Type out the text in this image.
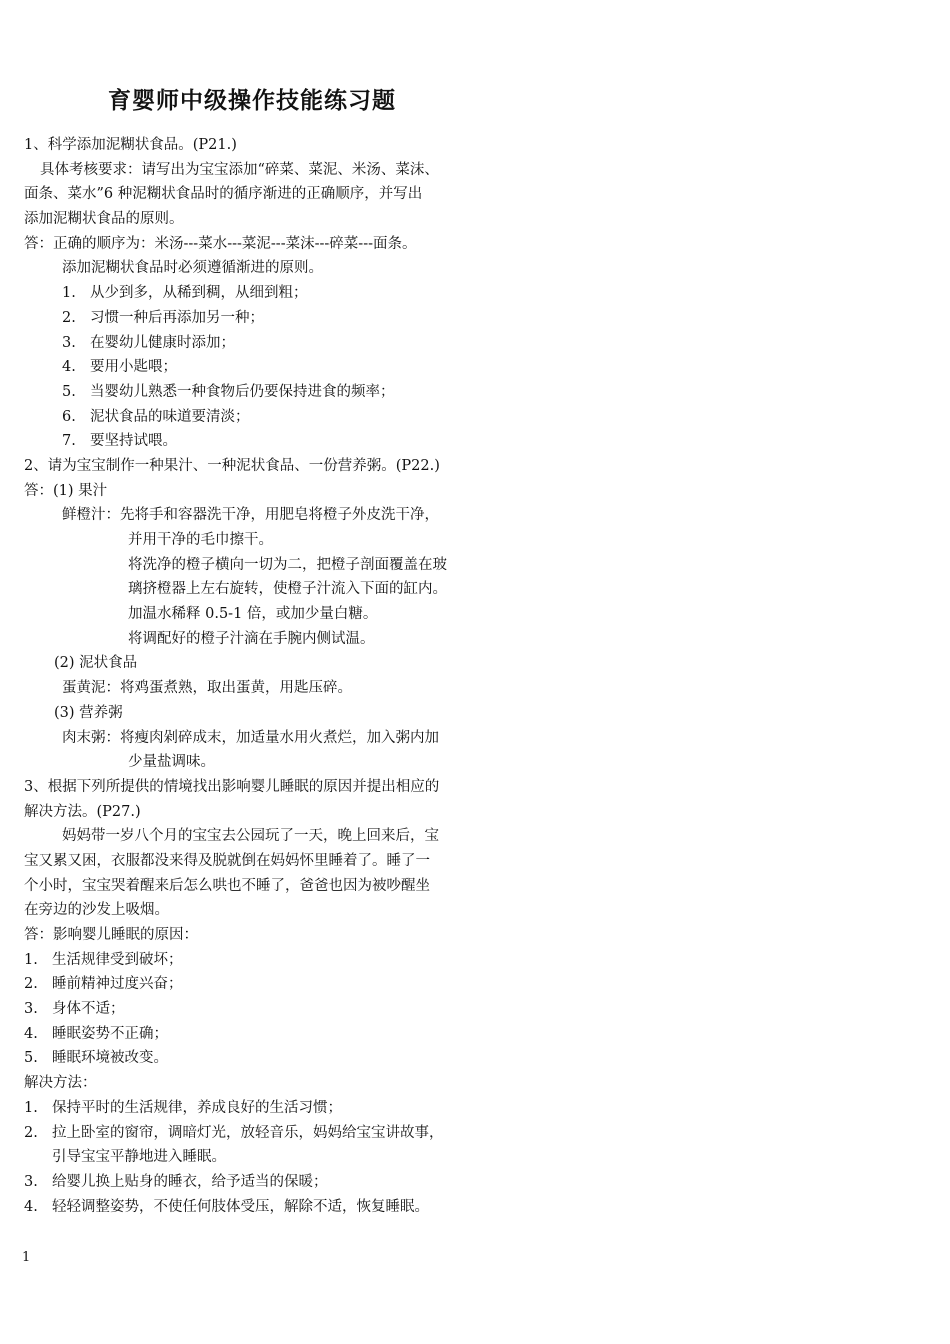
育婴师中级操作技能练习题
1、科学添加泥糊状食品。(P21.)
具体考核要求：请写出为宝宝添加“碎菜、菜泥、米汤、菜沫、
面条、菜水”6 种泥糊状食品时的循序渐进的正确顺序，并写出
添加泥糊状食品的原则。
答：正确的顺序为：米汤---菜水---菜泥---菜沫---碎菜---面条。
添加泥糊状食品时必须遵循渐进的原则。
1. 从少到多，从稀到稠，从细到粗；
2. 习惯一种后再添加另一种；
3. 在婴幼儿健康时添加；
4. 要用小匙喂；
5. 当婴幼儿熟悉一种食物后仍要保持进食的频率；
6. 泥状食品的味道要清淡；
7. 要坚持试喂。
2、请为宝宝制作一种果汁、一种泥状食品、一份营养粥。(P22.)
答：(1) 果汁
鲜橙汁：先将手和容器洗干净，用肥皂将橙子外皮洗干净，
并用干净的毛巾擦干。
将洗净的橙子横向一切为二，把橙子剖面覆盖在玻
璃挤橙器上左右旋转，使橙子汁流入下面的缸内。
加温水稀释 0.5-1 倍，或加少量白糖。
将调配好的橙子汁滴在手腕内侧试温。
(2) 泥状食品
蛋黄泥：将鸡蛋煮熟，取出蛋黄，用匙压碎。
(3) 营养粥
肉末粥：将瘦肉剁碎成末，加适量水用火煮烂，加入粥内加
少量盐调味。
3、根据下列所提供的情境找出影响婴儿睡眠的原因并提出相应的
解决方法。(P27.)
妈妈带一岁八个月的宝宝去公园玩了一天，晚上回来后，宝
宝又累又困，衣服都没来得及脱就倒在妈妈怀里睡着了。睡了一
个小时，宝宝哭着醒来后怎么哄也不睡了，爸爸也因为被吵醒坐
在旁边的沙发上吸烟。
答：影响婴儿睡眠的原因：
1. 生活规律受到破坏；
2. 睡前精神过度兴奋；
3. 身体不适；
4. 睡眠姿势不正确；
5. 睡眠环境被改变。
解决方法：
1. 保持平时的生活规律，养成良好的生活习惯；
2. 拉上卧室的窗帘，调暗灯光，放轻音乐，妈妈给宝宝讲故事，
引导宝宝平静地进入睡眠。
3. 给婴儿换上贴身的睡衣，给予适当的保暖；
4. 轻轻调整姿势，不使任何肢体受压，解除不适，恢复睡眠。
1
